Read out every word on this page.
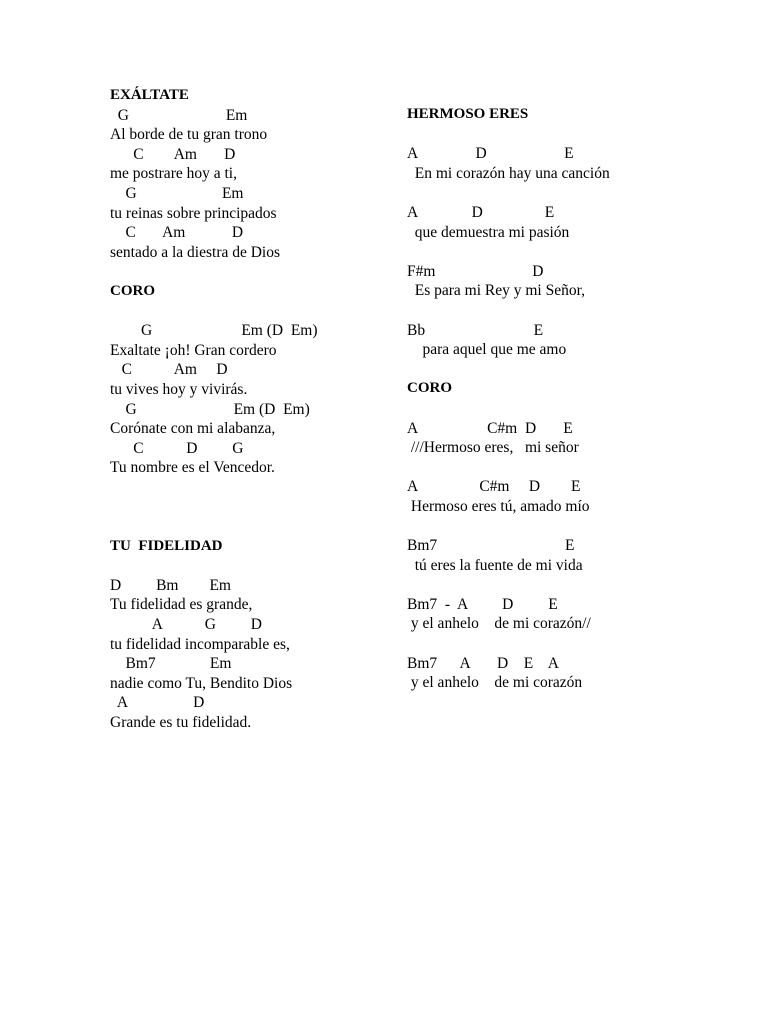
EXÁLTATE
G                         Em
Al borde de tu gran trono
C        Am       D
me postrare hoy a ti,
G                      Em
tu reinas sobre principados
C       Am            D
sentado a la diestra de Dios
CORO
G                       Em (D  Em)
Exaltate ¡oh! Gran cordero
C           Am     D
tu vives hoy y vivirás.
G                         Em (D  Em)
Corónate con mi alabanza,
C           D         G
Tu nombre es el Vencedor.
TU  FIDELIDAD
D         Bm        Em
Tu fidelidad es grande,
A           G         D
tu fidelidad incomparable es,
Bm7              Em
nadie como Tu, Bendito Dios
A                 D
Grande es tu fidelidad.
HERMOSO ERES
A               D                    E
En mi corazón hay una canción
A              D                E
que demuestra mi pasión
F#m                         D
Es para mi Rey y mi Señor,
Bb                            E
para aquel que me amo
CORO
A                  C#m  D       E
///Hermoso eres,   mi señor
A                C#m     D        E
Hermoso eres tú, amado mío
Bm7                                 E
tú eres la fuente de mi vida
Bm7  -  A         D         E
y el anhelo    de mi corazón//
Bm7      A       D    E    A
y el anhelo    de mi corazón
